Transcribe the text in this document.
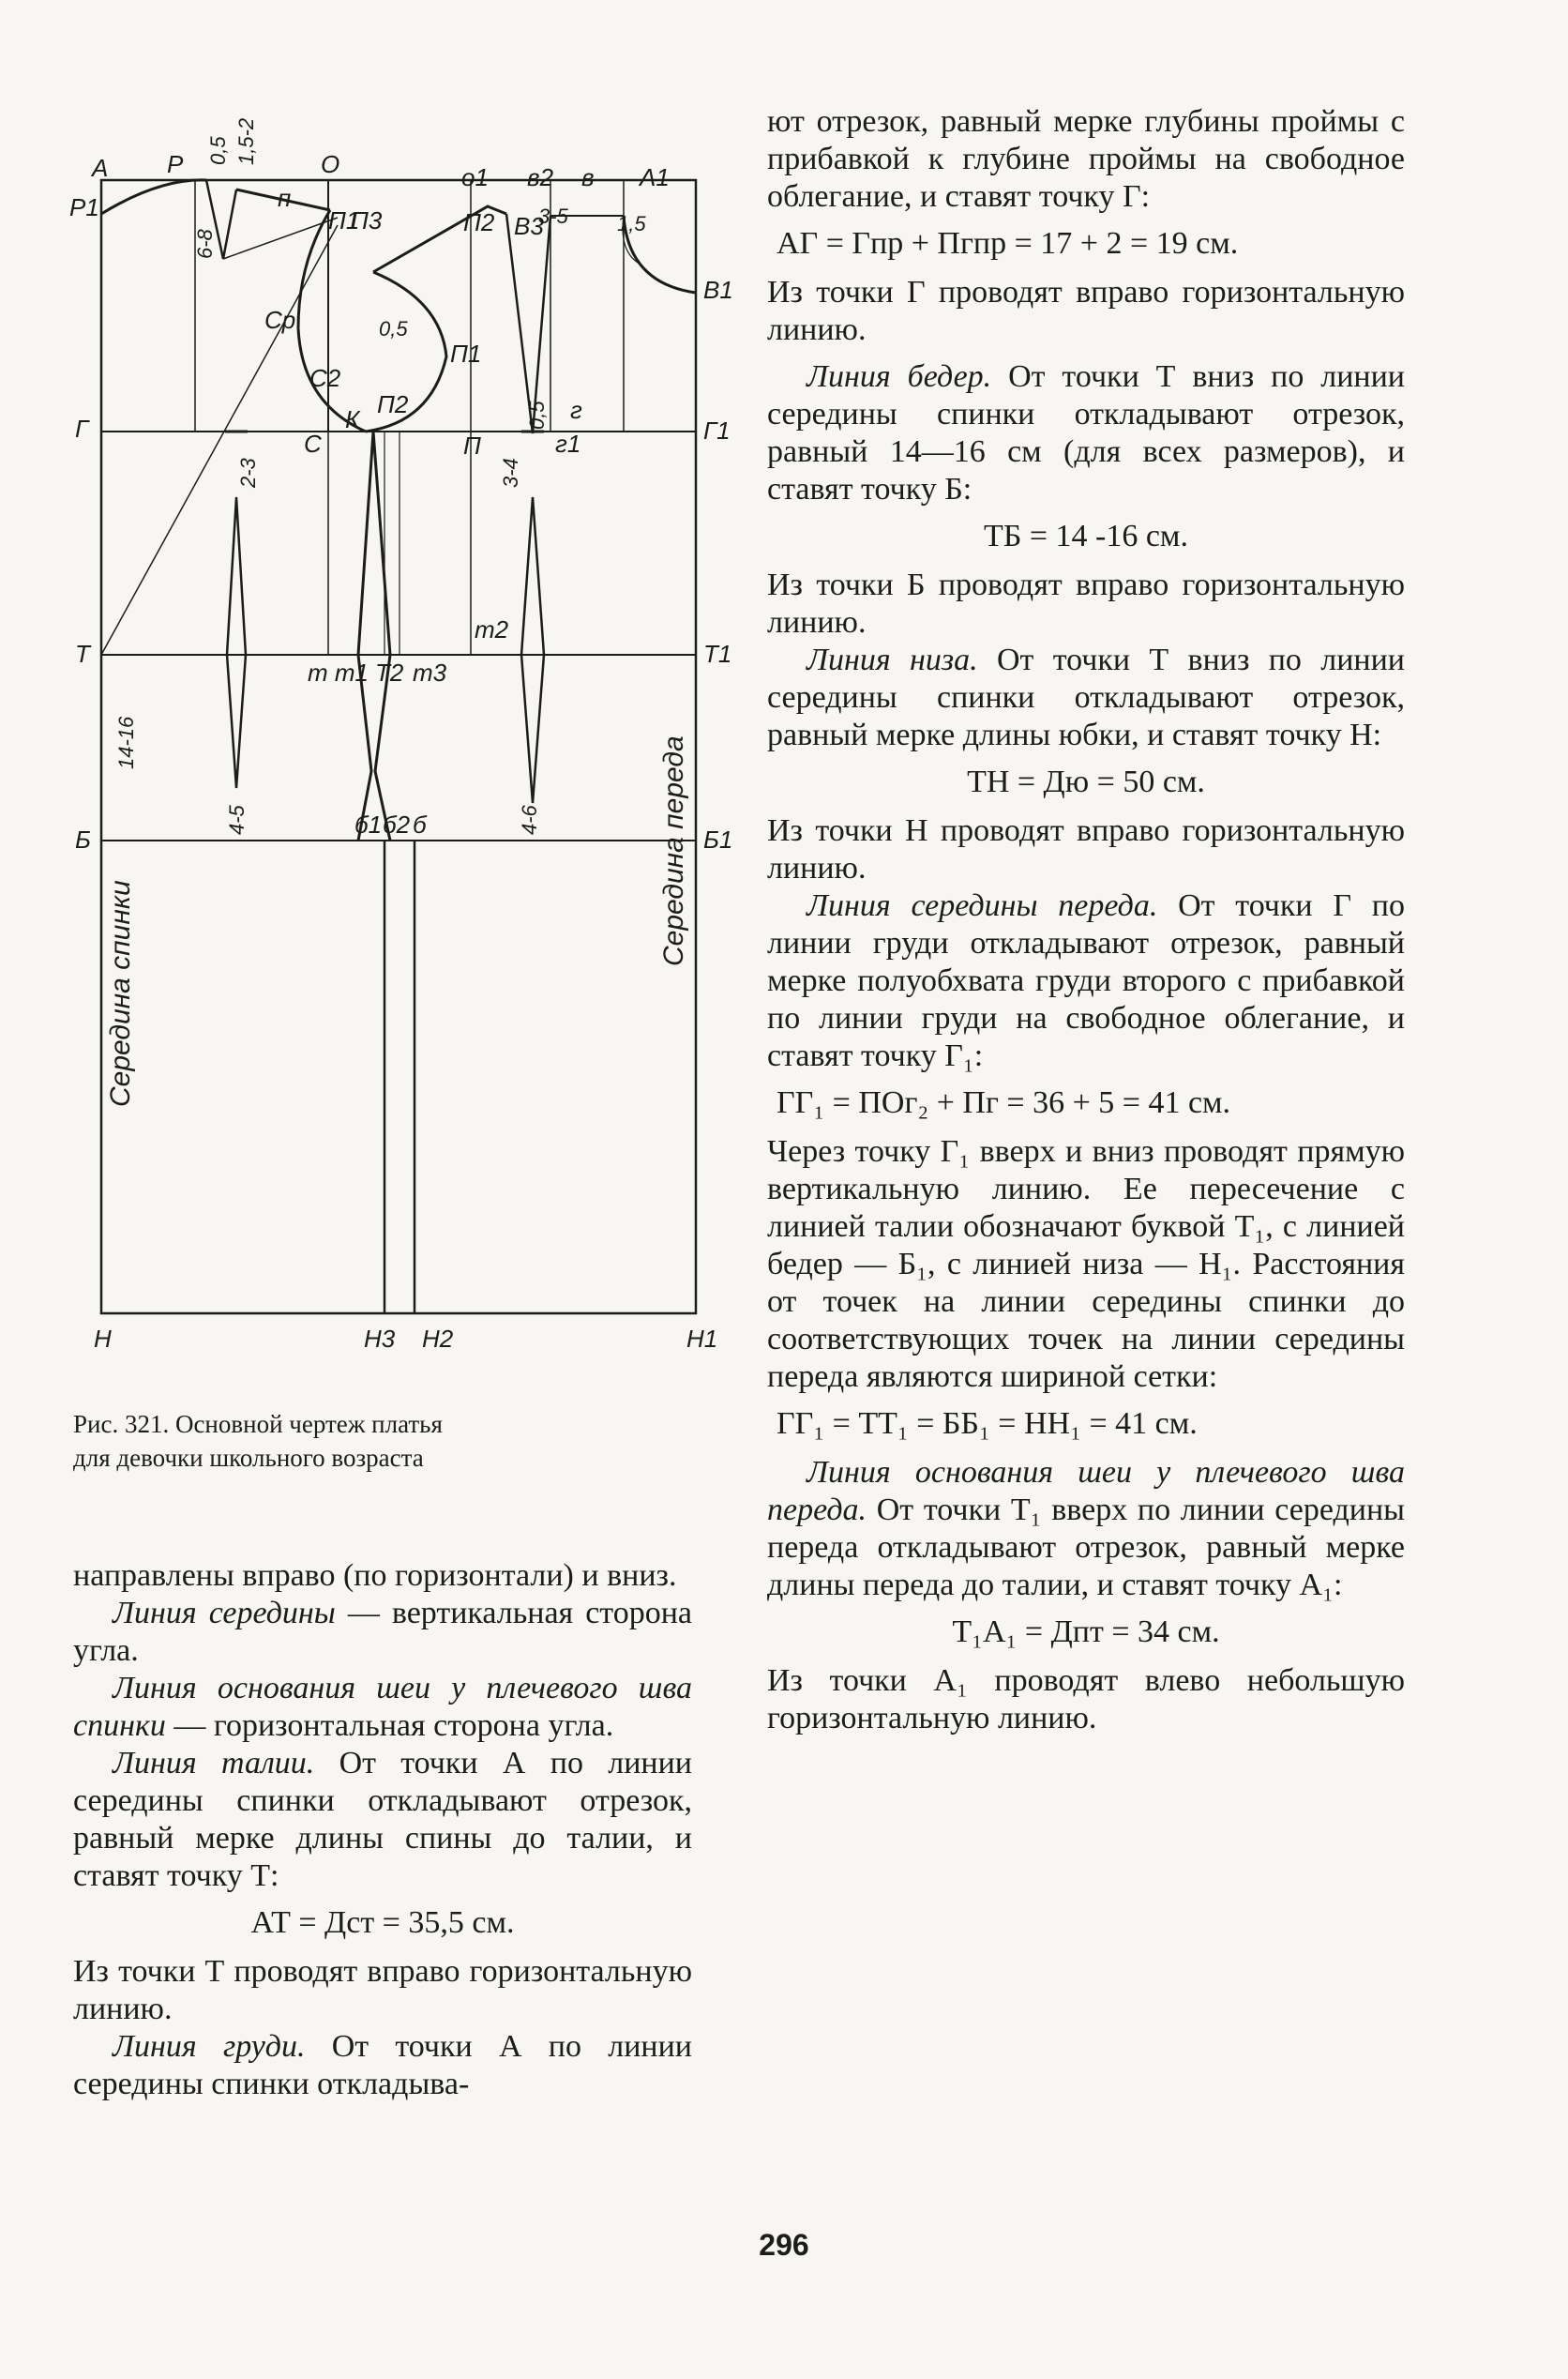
А Р	О	о1 в2 в А1
Р1
В1
п
П1
П3	П2 В3
Ср
С2
К
П2
П1
Г
С	П
г
г1	Г1
т2
Т
т т1 Т2 т3
Т1
Б
б1 б2 б
Б1
Н	Н3 Н2	Н1
0,5 1,5-2
6-8
3-5 1,5
0,5
0,5
2-3	3-4
14-16
4-5	4-6
Середина спинки
Середина переда
Рис. 321. Основной чертеж платья
для девочки школьного возраста

направлены вправо (по горизонтали) и вниз.

Линия середины — вертикальная сторона угла.

Линия основания шеи у плечевого шва спинки — горизонтальная сторона угла.

Линия талии. От точки А по линии середины спинки откладывают отрезок, равный мерке длины спины до талии, и ставят точку Т:

АТ = Дст = 35,5 см.

Из точки Т проводят вправо горизонтальную линию.

Линия груди. От точки А по линии середины спинки откладыва-

ют отрезок, равный мерке глубины проймы с прибавкой к глубине проймы на свободное облегание, и ставят точку Г:

АГ = Гпр + Пгпр = 17 + 2 = 19 см.

Из точки Г проводят вправо горизонтальную линию.

Линия бедер. От точки Т вниз по линии середины спинки откладывают отрезок, равный 14—16 см (для всех размеров), и ставят точку Б:

ТБ = 14 -16 см.

Из точки Б проводят вправо горизонтальную линию.

Линия низа. От точки Т вниз по линии середины спинки откладывают отрезок, равный мерке длины юбки, и ставят точку Н:

ТН = Дю = 50 см.

Из точки Н проводят вправо горизонтальную линию.

Линия середины переда. От точки Г по линии груди откладывают отрезок, равный мерке полуобхвата груди второго с прибавкой по линии груди на свободное облегание, и ставят точку Г₁:

ГГ₁ = ПОг₂ + Пг = 36 + 5 = 41 см.

Через точку Г₁ вверх и вниз проводят прямую вертикальную линию. Ее пересечение с линией талии обозначают буквой Т₁, с линией бедер — Б₁, с линией низа — Н₁. Расстояния от точек на линии середины спинки до соответствующих точек на линии середины переда являются шириной сетки:

ГГ₁ = ТТ₁ = ББ₁ = НН₁ = 41 см.

Линия основания шеи у плечевого шва переда. От точки Т₁ вверх по линии середины переда откладывают отрезок, равный мерке длины переда до талии, и ставят точку А₁:

Т₁А₁ = Дпт = 34 см.

Из точки А₁ проводят влево небольшую горизонтальную линию.

296
